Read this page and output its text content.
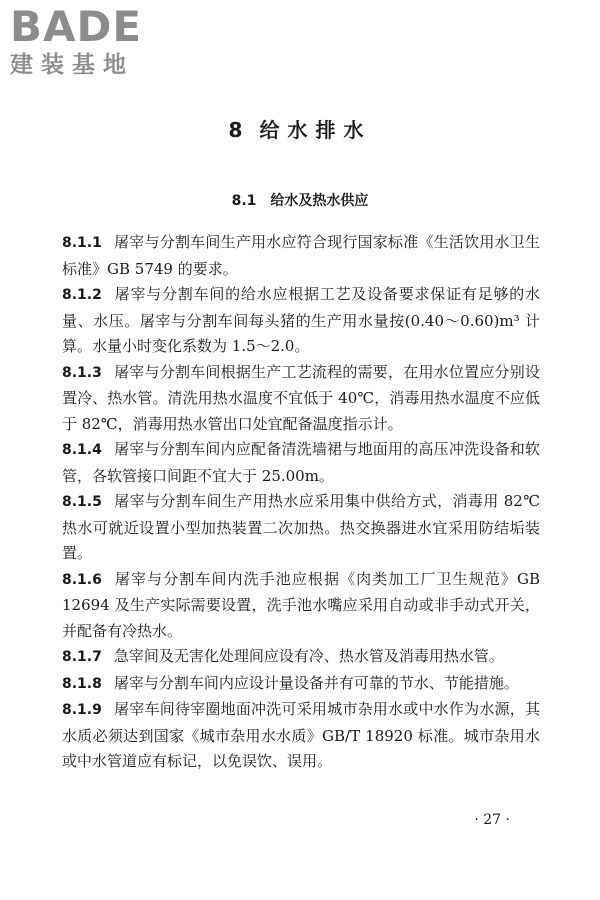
BADE
建装基地
8 给水排水
8.1 给水及热水供应

8.1.1 屠宰与分割车间生产用水应符合现行国家标准《生活饮用水卫生标准》GB 5749 的要求。

8.1.2 屠宰与分割车间的给水应根据工艺及设备要求保证有足够的水量、水压。屠宰与分割车间每头猪的生产用水量按(0.40～0.60)m³ 计算。水量小时变化系数为 1.5～2.0。

8.1.3 屠宰与分割车间根据生产工艺流程的需要，在用水位置应分别设置冷、热水管。清洗用热水温度不宜低于 40℃，消毒用热水温度不应低于 82℃，消毒用热水管出口处宜配备温度指示计。

8.1.4 屠宰与分割车间内应配备清洗墙裙与地面用的高压冲洗设备和软管，各软管接口间距不宜大于 25.00m。

8.1.5 屠宰与分割车间生产用热水应采用集中供给方式，消毒用 82℃ 热水可就近设置小型加热装置二次加热。热交换器进水宜采用防结垢装置。

8.1.6 屠宰与分割车间内洗手池应根据《肉类加工厂卫生规范》GB 12694 及生产实际需要设置，洗手池水嘴应采用自动或非手动式开关，并配备有冷热水。

8.1.7 急宰间及无害化处理间应设有冷、热水管及消毒用热水管。

8.1.8 屠宰与分割车间内应设计量设备并有可靠的节水、节能措施。

8.1.9 屠宰车间待宰圈地面冲洗可采用城市杂用水或中水作为水源，其水质必须达到国家《城市杂用水水质》GB/T 18920 标准。城市杂用水或中水管道应有标记，以免误饮、误用。

· 27 ·
